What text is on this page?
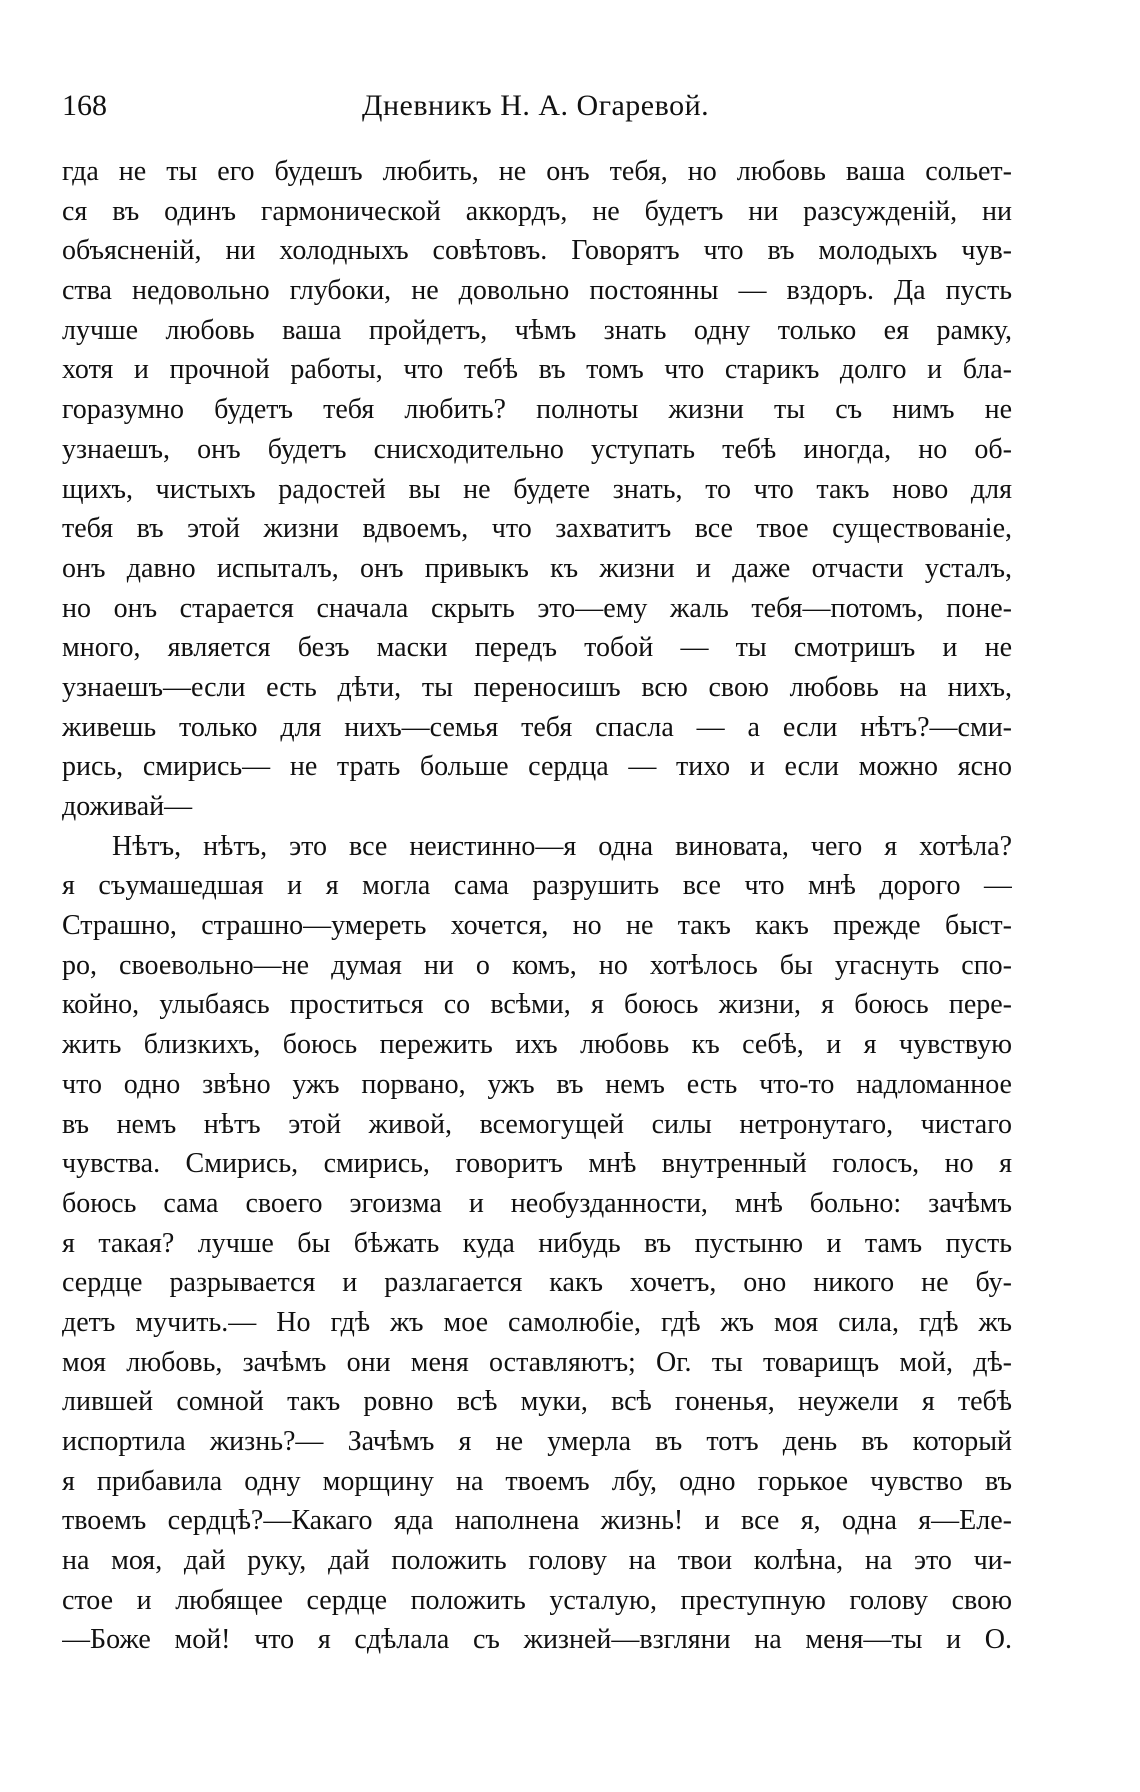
168	Дневникъ Н. А. Огаревой.
гда не ты его будешъ любить, не онъ тебя, но любовь ваша сольет-
ся въ одинъ гармонической аккордъ, не будетъ ни разсужденій, ни
объясненій, ни холодныхъ совѣтовъ. Говорятъ что въ молодыхъ чув-
ства недовольно глубоки, не довольно постоянны — вздоръ. Да пусть
лучше любовь ваша пройдетъ, чѣмъ знать одну только ея рамку,
хотя и прочной работы, что тебѣ въ томъ что старикъ долго и бла-
горазумно будетъ тебя любить? полноты жизни ты съ нимъ не
узнаешъ, онъ будетъ снисходительно уступать тебѣ иногда, но об-
щихъ, чистыхъ радостей вы не будете знать, то что такъ ново для
тебя въ этой жизни вдвоемъ, что захватитъ все твое существованіе,
онъ давно испыталъ, онъ привыкъ къ жизни и даже отчасти усталъ,
но онъ старается сначала скрыть это—ему жаль тебя—потомъ, поне-
много, является безъ маски передъ тобой — ты смотришъ и не
узнаешъ—если есть дѣти, ты переносишъ всю свою любовь на нихъ,
живешь только для нихъ—семья тебя спасла — а если нѣтъ?—сми-
рись, смирись— не трать больше сердца — тихо и если можно ясно
доживай—
Нѣтъ, нѣтъ, это все неистинно—я одна виновата, чего я хотѣла?
я съумашедшая и я могла сама разрушить все что мнѣ дорого —
Страшно, страшно—умереть хочется, но не такъ какъ прежде быст-
ро, своевольно—не думая ни о комъ, но хотѣлось бы угаснуть спо-
койно, улыбаясь проститься со всѣми, я боюсь жизни, я боюсь пере-
жить близкихъ, боюсь пережить ихъ любовь къ себѣ, и я чувствую
что одно звѣно ужъ порвано, ужъ въ немъ есть что-то надломанное
въ немъ нѣтъ этой живой, всемогущей силы нетронутаго, чистаго
чувства. Смирись, смирись, говоритъ мнѣ внутренный голосъ, но я
боюсь сама своего эгоизма и необузданности, мнѣ больно: зачѣмъ
я такая? лучше бы бѣжать куда нибудь въ пустыню и тамъ пусть
сердце разрывается и разлагается какъ хочетъ, оно никого не бу-
детъ мучить.— Но гдѣ жъ мое самолюбіе, гдѣ жъ моя сила, гдѣ жъ
моя любовь, зачѣмъ они меня оставляютъ; Ог. ты товарищъ мой, дѣ-
лившей сомной такъ ровно всѣ муки, всѣ гоненья, неужели я тебѣ
испортила жизнь?— Зачѣмъ я не умерла въ тотъ день въ который
я прибавила одну морщину на твоемъ лбу, одно горькое чувство въ
твоемъ сердцѣ?—Какаго яда наполнена жизнь! и все я, одна я—Еле-
на моя, дай руку, дай положить голову на твои колѣна, на это чи-
стое и любящее сердце положить усталую, преступную голову свою
—Боже мой! что я сдѣлала съ жизней—взгляни на меня—ты и О.
